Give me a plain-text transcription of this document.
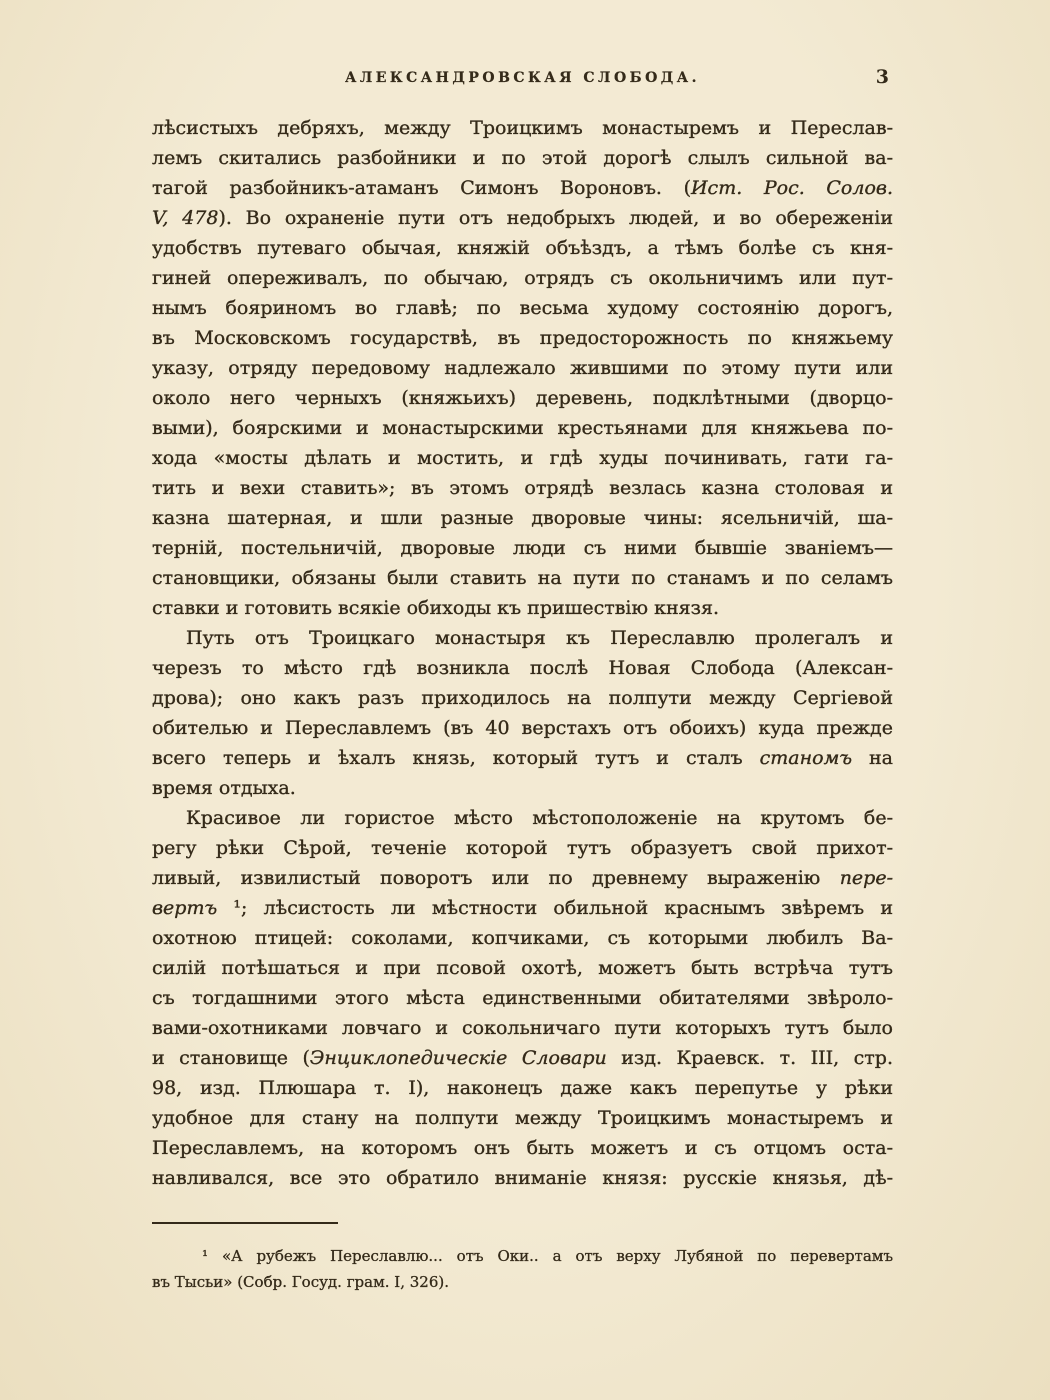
АЛЕКСАНДРОВСКАЯ СЛОБОДА.	3
лѣсистыхъ дебряхъ, между Троицкимъ монастыремъ и Переслав-
лемъ скитались разбойники и по этой дорогѣ слылъ сильной ва-
тагой разбойникъ-атаманъ Симонъ Вороновъ. (Ист. Рос. Солов.
V, 478). Во охраненіе пути отъ недобрыхъ людей, и во обереженіи
удобствъ путеваго обычая, княжій объѣздъ, а тѣмъ болѣе съ кня-
гиней опереживалъ, по обычаю, отрядъ съ окольничимъ или пут-
нымъ бояриномъ во главѣ; по весьма худому состоянію дорогъ,
въ Московскомъ государствѣ, въ предосторожность по княжьему
указу, отряду передовому надлежало жившими по этому пути или
около него черныхъ (княжьихъ) деревень, подклѣтными (дворцо-
выми), боярскими и монастырскими крестьянами для княжьева по-
хода «мосты дѣлать и мостить, и гдѣ худы починивать, гати га-
тить и вехи ставить»; въ этомъ отрядѣ везлась казна столовая и
казна шатерная, и шли разные дворовые чины: ясельничій, ша-
терній, постельничій, дворовые люди съ ними бывшіе званіемъ—
становщики, обязаны были ставить на пути по станамъ и по селамъ
ставки и готовить всякіе обиходы къ пришествію князя.
Путь отъ Троицкаго монастыря къ Переславлю пролегалъ и
черезъ то мѣсто гдѣ возникла послѣ Новая Слобода (Алексан-
дрова); оно какъ разъ приходилось на полпути между Сергіевой
обителью и Переславлемъ (въ 40 верстахъ отъ обоихъ) куда прежде
всего теперь и ѣхалъ князь, который тутъ и сталъ станомъ на
время отдыха.
Красивое ли гористое мѣсто мѣстоположеніе на крутомъ бе-
регу рѣки Сѣрой, теченіе которой тутъ образуетъ свой прихот-
ливый, извилистый поворотъ или по древнему выраженію пере-
вертъ ¹; лѣсистость ли мѣстности обильной краснымъ звѣремъ и
охотною птицей: соколами, копчиками, съ которыми любилъ Ва-
силій потѣшаться и при псовой охотѣ, можетъ быть встрѣча тутъ
съ тогдашними этого мѣста единственными обитателями звѣроло-
вами-охотниками ловчаго и сокольничаго пути которыхъ тутъ было
и становище (Энциклопедическіе Словари изд. Краевск. т. III, стр.
98, изд. Плюшара т. I), наконецъ даже какъ перепутье у рѣки
удобное для стану на полпути между Троицкимъ монастыремъ и
Переславлемъ, на которомъ онъ быть можетъ и съ отцомъ оста-
навливался, все это обратило вниманіе князя: русскіе князья, дѣ-
¹ «А рубежъ Переславлю... отъ Оки.. а отъ верху Лубяной по перевертамъ
въ Тысьи» (Собр. Госуд. грам. I, 326).
